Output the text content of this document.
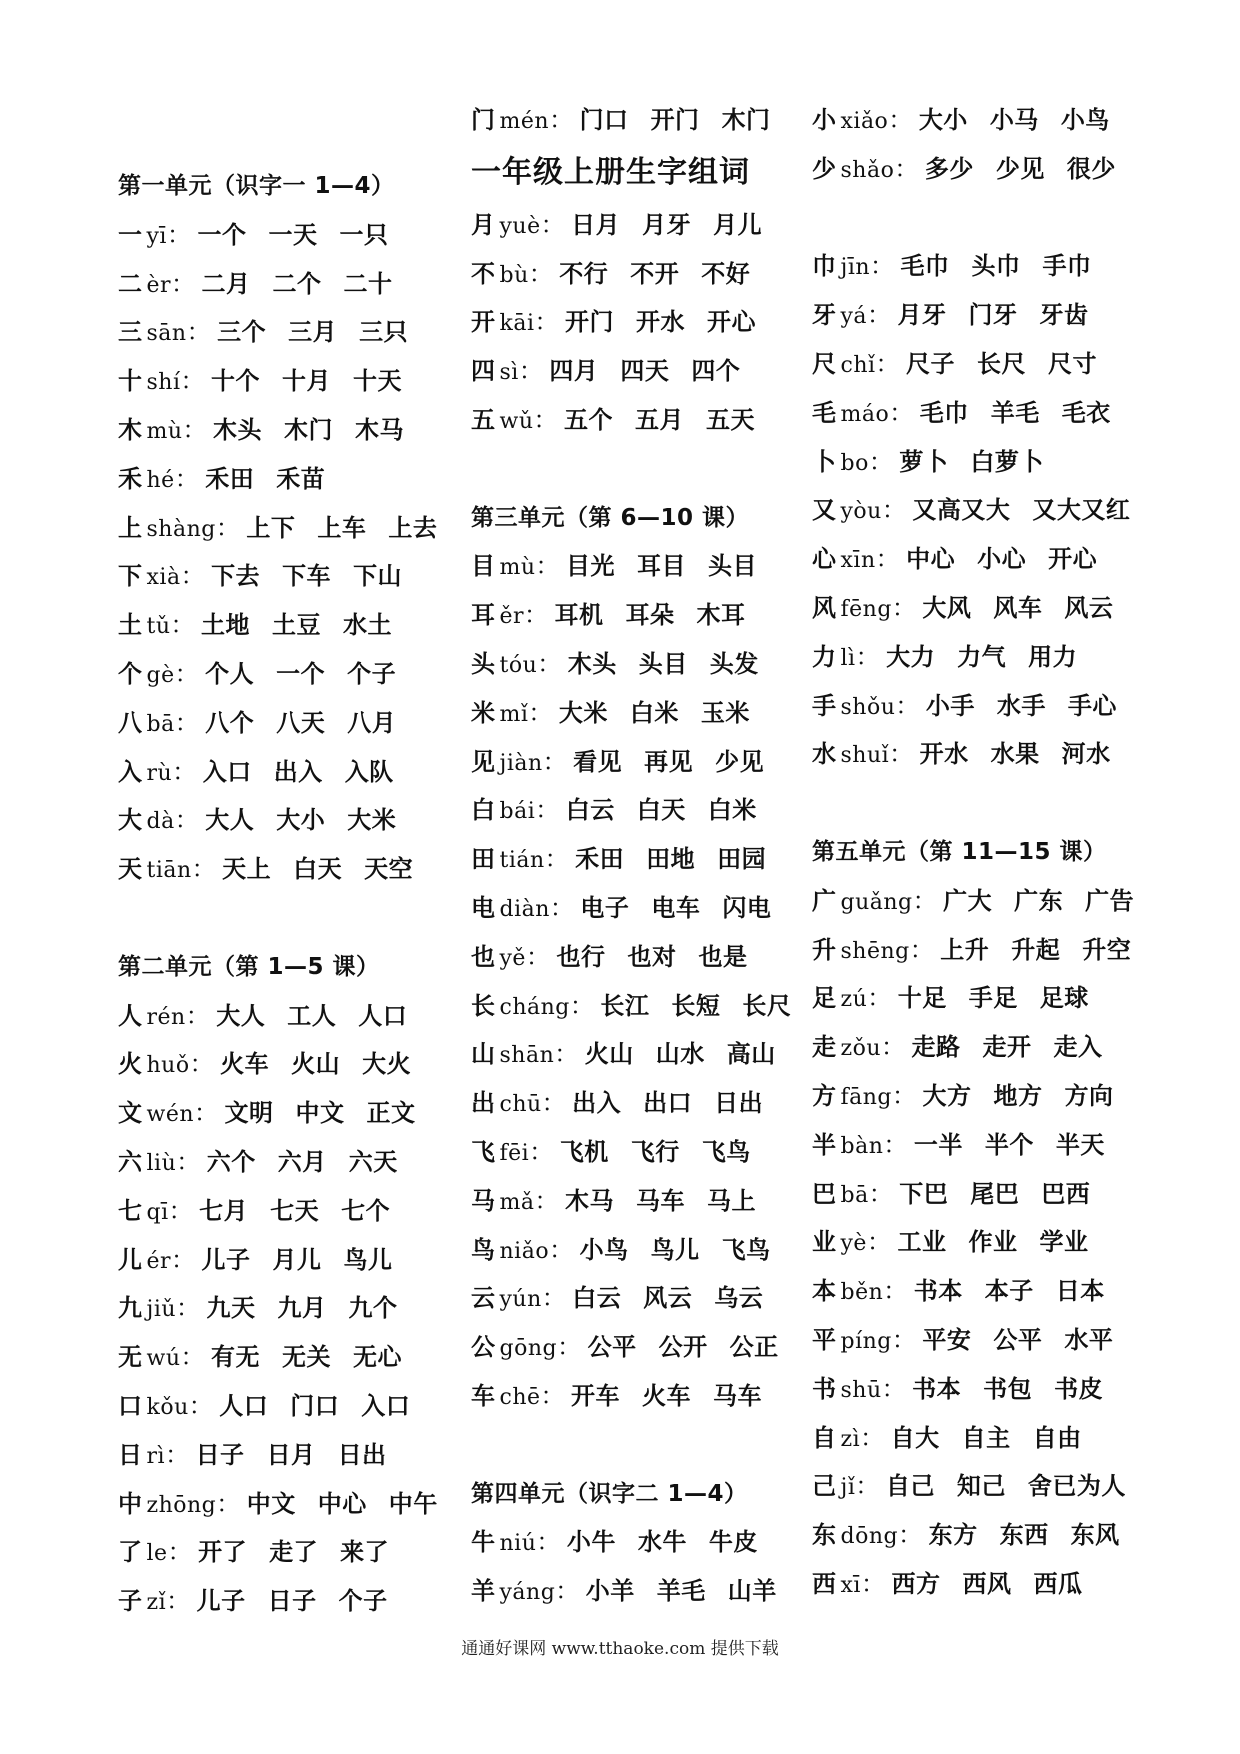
第一单元（识字一 1—4）
一 yī： 一个 一天 一只
二 èr： 二月 二个 二十
三 sān： 三个 三月 三只
十 shí： 十个 十月 十天
木 mù： 木头 木门 木马
禾 hé： 禾田 禾苗
上 shàng： 上下 上车 上去
下 xià： 下去 下车 下山
土 tǔ： 土地 土豆 水土
个 gè： 个人 一个 个子
八 bā： 八个 八天 八月
入 rù： 入口 出入 入队
大 dà： 大人 大小 大米
天 tiān： 天上 白天 天空
第二单元（第 1—5 课）
人 rén： 大人 工人 人口
火 huǒ： 火车 火山 大火
文 wén： 文明 中文 正文
六 liù： 六个 六月 六天
七 qī： 七月 七天 七个
儿 ér： 儿子 月儿 鸟儿
九 jiǔ： 九天 九月 九个
无 wú： 有无 无关 无心
口 kǒu： 人口 门口 入口
日 rì： 日子 日月 日出
中 zhōng： 中文 中心 中午
了 le： 开了 走了 来了
子 zǐ： 儿子 日子 个子
门 mén： 门口 开门 木门
一年级上册生字组词
月 yuè： 日月 月牙 月儿
不 bù： 不行 不开 不好
开 kāi： 开门 开水 开心
四 sì： 四月 四天 四个
五 wǔ： 五个 五月 五天
第三单元（第 6—10 课）
目 mù： 目光 耳目 头目
耳 ěr： 耳机 耳朵 木耳
头 tóu： 木头 头目 头发
米 mǐ： 大米 白米 玉米
见 jiàn： 看见 再见 少见
白 bái： 白云 白天 白米
田 tián： 禾田 田地 田园
电 diàn： 电子 电车 闪电
也 yě： 也行 也对 也是
长 cháng： 长江 长短 长尺
山 shān： 火山 山水 高山
出 chū： 出入 出口 日出
飞 fēi： 飞机 飞行 飞鸟
马 mǎ： 木马 马车 马上
鸟 niǎo： 小鸟 鸟儿 飞鸟
云 yún： 白云 风云 乌云
公 gōng： 公平 公开 公正
车 chē： 开车 火车 马车
第四单元（识字二 1—4）
牛 niú： 小牛 水牛 牛皮
羊 yáng： 小羊 羊毛 山羊
小 xiǎo： 大小 小马 小鸟
少 shǎo： 多少 少见 很少
巾 jīn： 毛巾 头巾 手巾
牙 yá： 月牙 门牙 牙齿
尺 chǐ： 尺子 长尺 尺寸
毛 máo： 毛巾 羊毛 毛衣
卜 bo： 萝卜 白萝卜
又 yòu： 又高又大 又大又红
心 xīn： 中心 小心 开心
风 fēng： 大风 风车 风云
力 lì： 大力 力气 用力
手 shǒu： 小手 水手 手心
水 shuǐ： 开水 水果 河水
第五单元（第 11—15 课）
广 guǎng： 广大 广东 广告
升 shēng： 上升 升起 升空
足 zú： 十足 手足 足球
走 zǒu： 走路 走开 走入
方 fāng： 大方 地方 方向
半 bàn： 一半 半个 半天
巴 bā： 下巴 尾巴 巴西
业 yè： 工业 作业 学业
本 běn： 书本 本子 日本
平 píng： 平安 公平 水平
书 shū： 书本 书包 书皮
自 zì： 自大 自主 自由
己 jǐ： 自己 知己 舍已为人
东 dōng： 东方 东西 东风
西 xī： 西方 西风 西瓜
通通好课网 www.tthaoke.com 提供下载
